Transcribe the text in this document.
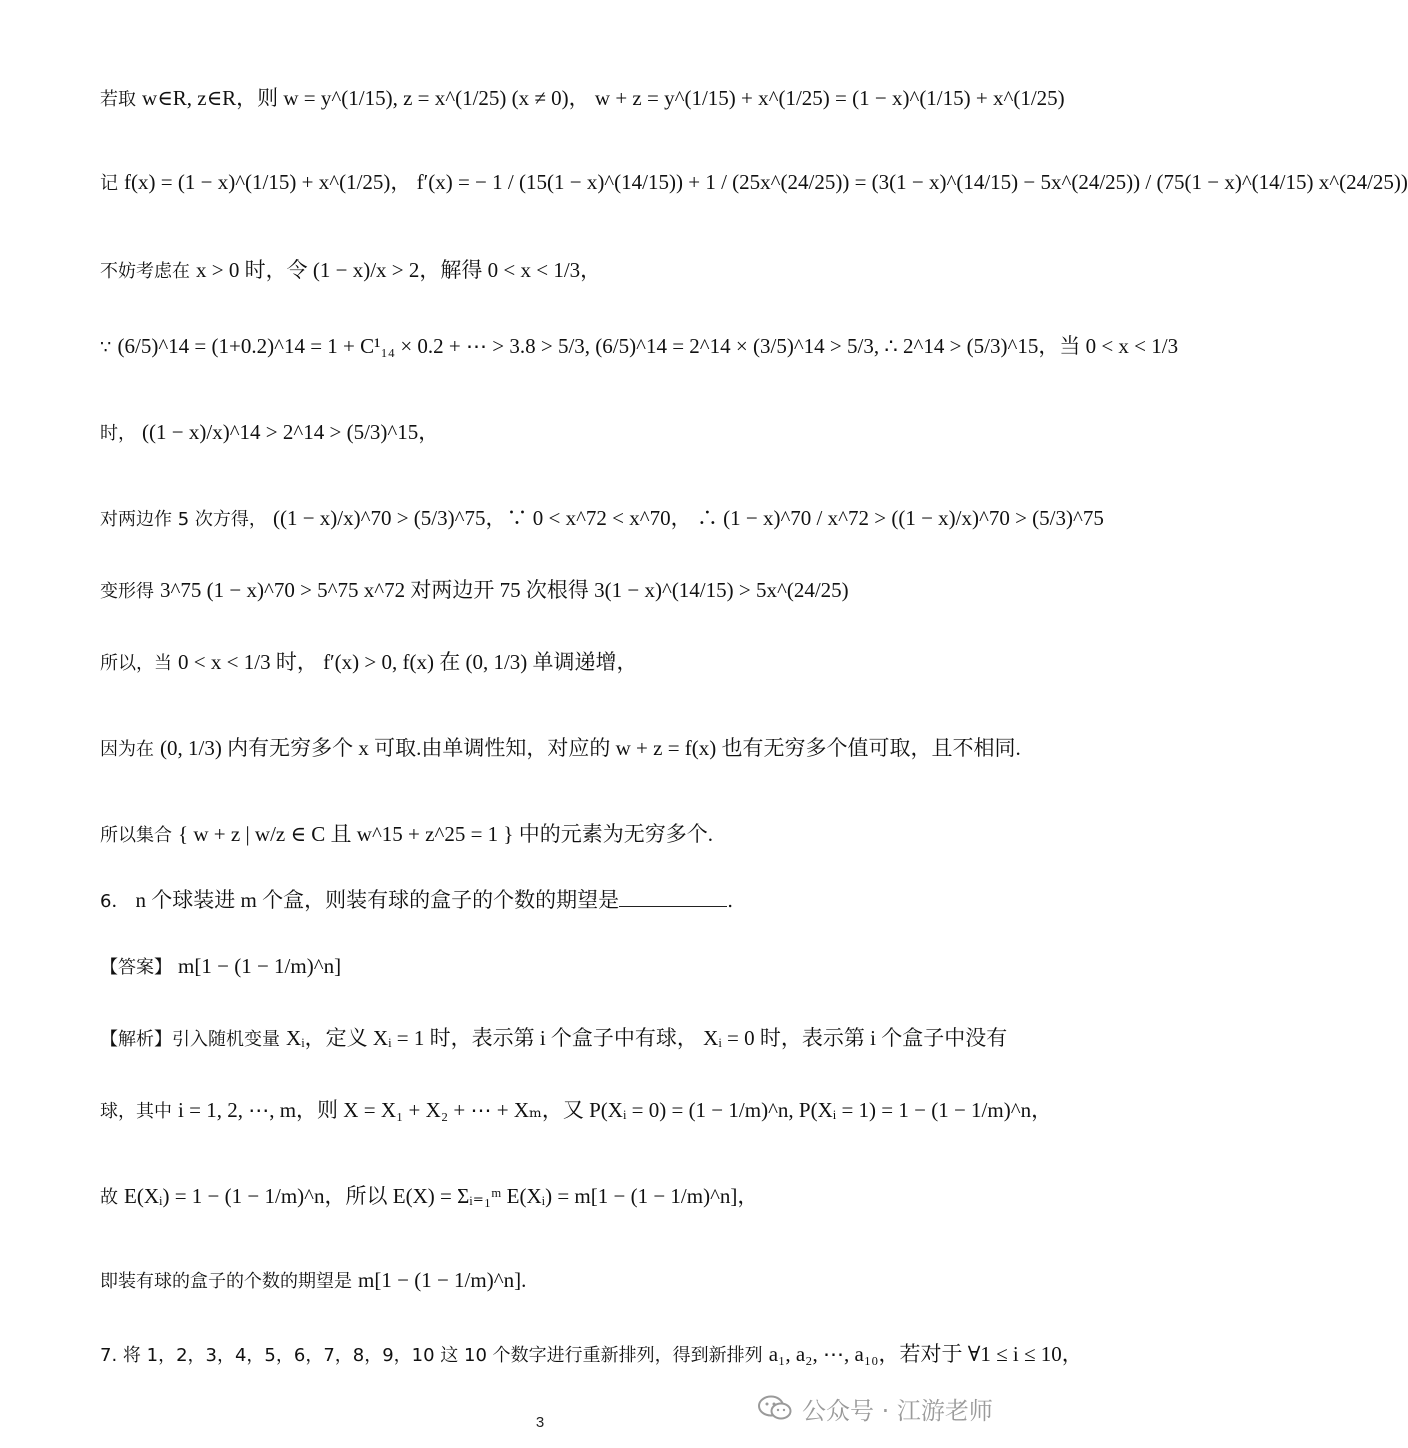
若取 w∈R, z∈R，则 w = y^(1/15), z = x^(1/25) (x ≠ 0)， w + z = y^(1/15) + x^(1/25) = (1 − x)^(1/15) + x^(1/25)
记 f(x) = (1 − x)^(1/15) + x^(1/25)， f′(x) = − 1 / (15(1 − x)^(14/15)) + 1 / (25x^(24/25)) = (3(1 − x)^(14/15) − 5x^(24/25)) / (75(1 − x)^(14/15) x^(24/25))
不妨考虑在 x > 0 时，令 (1 − x)/x > 2，解得 0 < x < 1/3，
∵ (6/5)^14 = (1+0.2)^14 = 1 + C¹₁₄ × 0.2 + ⋯ > 3.8 > 5/3, (6/5)^14 = 2^14 × (3/5)^14 > 5/3, ∴ 2^14 > (5/3)^15，当 0 < x < 1/3
时， ((1 − x)/x)^14 > 2^14 > (5/3)^15，
对两边作 5 次方得， ((1 − x)/x)^70 > (5/3)^75，∵ 0 < x^72 < x^70， ∴ (1 − x)^70 / x^72 > ((1 − x)/x)^70 > (5/3)^75
变形得 3^75 (1 − x)^70 > 5^75 x^72 对两边开 75 次根得 3(1 − x)^(14/15) > 5x^(24/25)
所以，当 0 < x < 1/3 时， f′(x) > 0, f(x) 在 (0, 1/3) 单调递增，
因为在 (0, 1/3) 内有无穷多个 x 可取.由单调性知，对应的 w + z = f(x) 也有无穷多个值可取，且不相同.
所以集合 { w + z | w/z ∈ C 且 w^15 + z^25 = 1 } 中的元素为无穷多个.
6． n 个球装进 m 个盒，则装有球的盒子的个数的期望是	.
【答案】 m[1 − (1 − 1/m)^n]
【解析】引入随机变量 Xᵢ，定义 Xᵢ = 1 时，表示第 i 个盒子中有球， Xᵢ = 0 时，表示第 i 个盒子中没有
球，其中 i = 1, 2, ⋯, m，则 X = X₁ + X₂ + ⋯ + Xₘ，又 P(Xᵢ = 0) = (1 − 1/m)^n, P(Xᵢ = 1) = 1 − (1 − 1/m)^n，
故 E(Xᵢ) = 1 − (1 − 1/m)^n，所以 E(X) = Σᵢ₌₁ᵐ E(Xᵢ) = m[1 − (1 − 1/m)^n]，
即装有球的盒子的个数的期望是 m[1 − (1 − 1/m)^n].
7. 将 1，2，3，4，5，6，7，8，9，10 这 10 个数字进行重新排列，得到新排列 a₁, a₂, ⋯, a₁₀，若对于 ∀1 ≤ i ≤ 10，
公众号 · 江游老师
3
